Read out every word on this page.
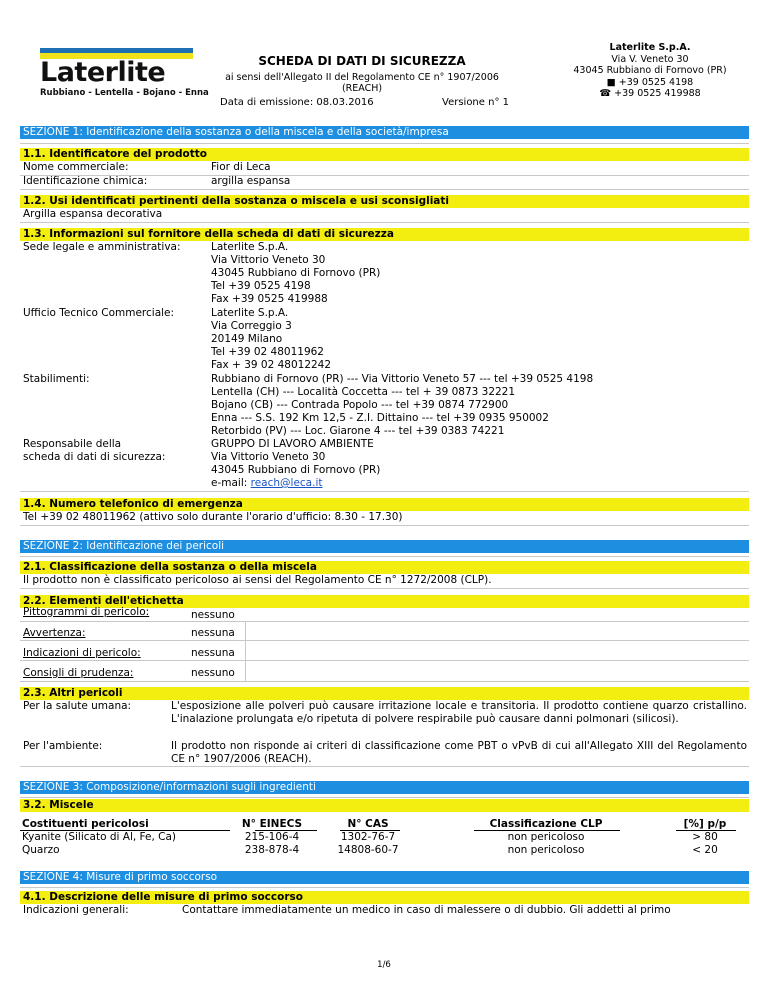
Laterlite
Rubbiano - Lentella - Bojano - Enna
SCHEDA DI DATI DI SICUREZZA
ai sensi dell'Allegato II del Regolamento CE n° 1907/2006 (REACH)
Data di emissione: 08.03.2016	Versione n° 1
Laterlite S.p.A.
Via V. Veneto 30
43045 Rubbiano di Fornovo (PR)
■ +39 0525 4198
☎ +39 0525 419988
SEZIONE 1: Identificazione della sostanza o della miscela e della società/impresa
1.1. Identificatore del prodotto
Nome commerciale:	Fior di Leca
Identificazione chimica:	argilla espansa
1.2. Usi identificati pertinenti della sostanza o miscela e usi sconsigliati
Argilla espansa decorativa
1.3. Informazioni sul fornitore della scheda di dati di sicurezza
Sede legale e amministrativa:	Laterlite S.p.A.
Via Vittorio Veneto 30
43045 Rubbiano di Fornovo (PR)
Tel +39 0525 4198
Fax +39 0525 419988
Ufficio Tecnico Commerciale:	Laterlite S.p.A.
Via Correggio 3
20149 Milano
Tel +39 02 48011962
Fax + 39 02 48012242
Stabilimenti:	Rubbiano di Fornovo (PR) --- Via Vittorio Veneto 57 --- tel +39 0525 4198
Lentella (CH) --- Località Coccetta --- tel + 39 0873 32221
Bojano (CB) --- Contrada Popolo --- tel +39 0874 772900
Enna --- S.S. 192 Km 12,5 - Z.I. Dittaino --- tel +39 0935 950002
Retorbido (PV) --- Loc. Giarone 4 --- tel +39 0383 74221
Responsabile della
scheda di dati di sicurezza:
GRUPPO DI LAVORO AMBIENTE
Via Vittorio Veneto 30
43045 Rubbiano di Fornovo (PR)
e-mail: reach@leca.it
1.4. Numero telefonico di emergenza
Tel +39 02 48011962 (attivo solo durante l'orario d'ufficio: 8.30 - 17.30)
SEZIONE 2: Identificazione dei pericoli
2.1. Classificazione della sostanza o della miscela
Il prodotto non è classificato pericoloso ai sensi del Regolamento CE n° 1272/2008 (CLP).
2.2. Elementi dell'etichetta
Pittogrammi di pericolo:	nessuno
Avvertenza:	nessuna
Indicazioni di pericolo:	nessuna
Consigli di prudenza:	nessuno
2.3. Altri pericoli
Per la salute umana:	L'esposizione alle polveri può causare irritazione locale e transitoria. Il prodotto contiene quarzo cristallino. L'inalazione prolungata e/o ripetuta di polvere respirabile può causare danni polmonari (silicosi).
Per l'ambiente:	Il prodotto non risponde ai criteri di classificazione come PBT o vPvB di cui all'Allegato XIII del Regolamento CE n° 1907/2006 (REACH).
SEZIONE 3: Composizione/informazioni sugli ingredienti
3.2. Miscele
Costituenti pericolosi	N° EINECS	N° CAS	Classificazione CLP	[%] p/p
Kyanite (Silicato di Al, Fe, Ca)	215-106-4	1302-76-7	non pericoloso	> 80
Quarzo	238-878-4	14808-60-7	non pericoloso	< 20
SEZIONE 4: Misure di primo soccorso
4.1. Descrizione delle misure di primo soccorso
Indicazioni generali:	Contattare immediatamente un medico in caso di malessere o di dubbio. Gli addetti al primo
1/6
